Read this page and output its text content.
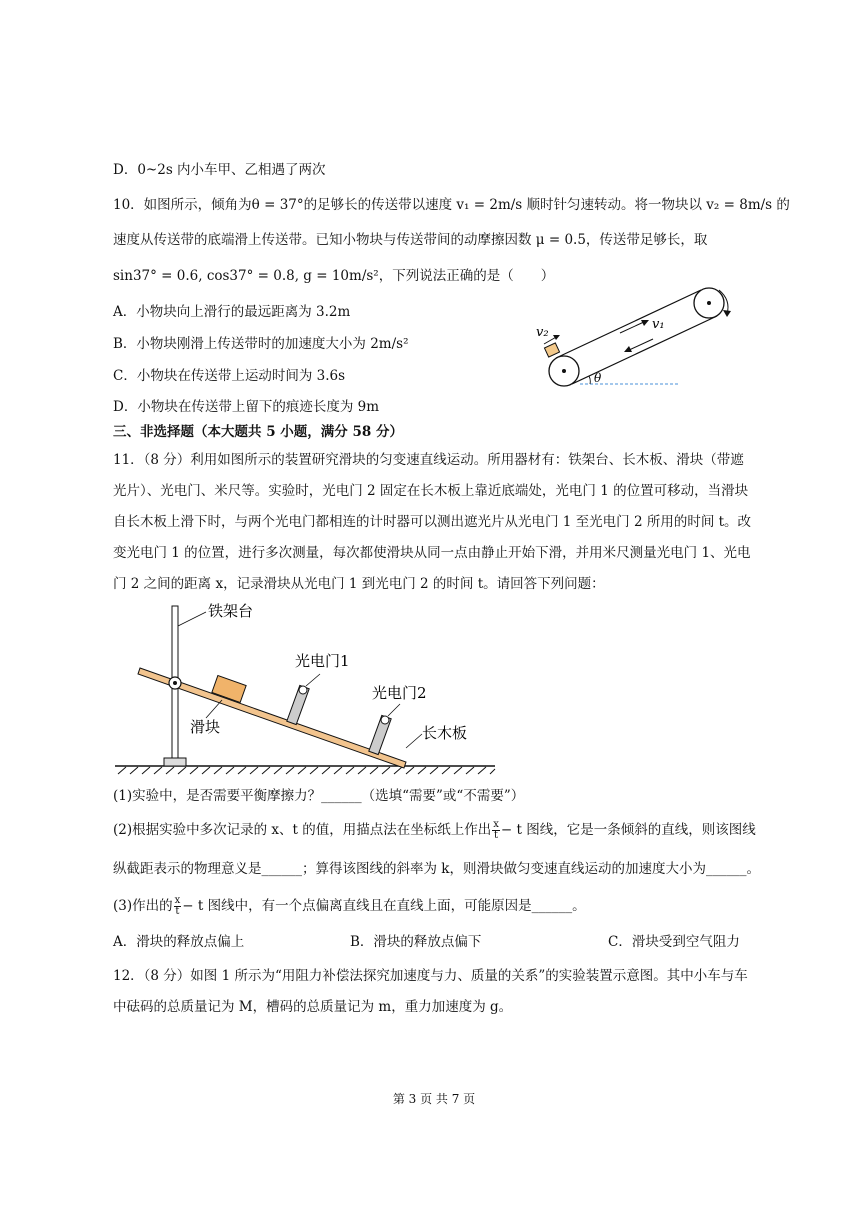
D．0~2s 内小车甲、乙相遇了两次
10．如图所示，倾角为θ = 37°的足够长的传送带以速度 v₁ = 2m/s 顺时针匀速转动。将一物块以 v₂ = 8m/s 的
速度从传送带的底端滑上传送带。已知小物块与传送带间的动摩擦因数 μ = 0.5，传送带足够长，取
sin37° = 0.6, cos37° = 0.8, g = 10m/s²，下列说法正确的是（　　）
A．小物块向上滑行的最远距离为 3.2m
B．小物块刚滑上传送带时的加速度大小为 2m/s²
C．小物块在传送带上运动时间为 3.6s
D．小物块在传送带上留下的痕迹长度为 9m
v₂
v₁
θ
三、非选择题（本大题共 5 小题，满分 58 分）
11．（8 分）利用如图所示的装置研究滑块的匀变速直线运动。所用器材有：铁架台、长木板、滑块（带遮
光片）、光电门、米尺等。实验时，光电门 2 固定在长木板上靠近底端处，光电门 1 的位置可移动，当滑块
自长木板上滑下时，与两个光电门都相连的计时器可以测出遮光片从光电门 1 至光电门 2 所用的时间 t。改
变光电门 1 的位置，进行多次测量，每次都使滑块从同一点由静止开始下滑，并用米尺测量光电门 1、光电
门 2 之间的距离 x，记录滑块从光电门 1 到光电门 2 的时间 t。请回答下列问题：
铁架台
滑块
光电门1
光电门2
长木板
(1)实验中，是否需要平衡摩擦力？______（选填“需要”或“不需要”）
(2)根据实验中多次记录的 x、t 的值，用描点法在坐标纸上作出 $\frac{x}{t} - t$ 图线，它是一条倾斜的直线，则该图线
纵截距表示的物理意义是______；算得该图线的斜率为 k，则滑块做匀变速直线运动的加速度大小为______。
(3)作出的 $\frac{x}{t} - t$ 图线中，有一个点偏离直线且在直线上面，可能原因是______。
A．滑块的释放点偏上	B．滑块的释放点偏下	C．滑块受到空气阻力
12．（8 分）如图 1 所示为“用阻力补偿法探究加速度与力、质量的关系”的实验装置示意图。其中小车与车
中砝码的总质量记为 M，槽码的总质量记为 m，重力加速度为 g。
第 3 页 共 7 页
